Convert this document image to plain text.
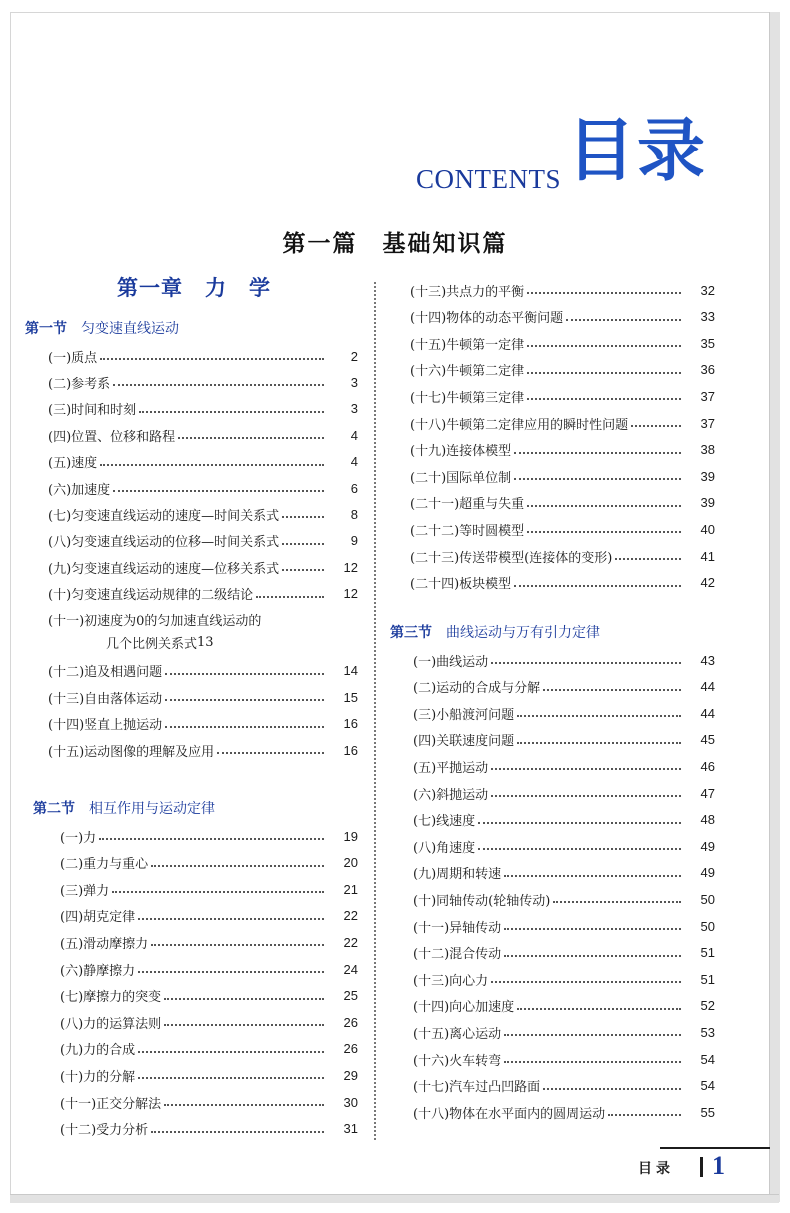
CONTENTS 目录
第一篇　基础知识篇
第一章　力　学
第一节 匀变速直线运动
(一)质点	2
(二)参考系	3
(三)时间和时刻	3
(四)位置、位移和路程	4
(五)速度	4
(六)加速度	6
(七)匀变速直线运动的速度—时间关系式	8
(八)匀变速直线运动的位移—时间关系式	9
(九)匀变速直线运动的速度—位移关系式	12
(十)匀变速直线运动规律的二级结论	12
(十一)初速度为0的匀加速直线运动的
几个比例关系式 13
(十二)追及相遇问题	14
(十三)自由落体运动	15
(十四)竖直上抛运动	16
(十五)运动图像的理解及应用	16
第二节 相互作用与运动定律
(一)力	19
(二)重力与重心	20
(三)弹力	21
(四)胡克定律	22
(五)滑动摩擦力	22
(六)静摩擦力	24
(七)摩擦力的突变	25
(八)力的运算法则	26
(九)力的合成	26
(十)力的分解	29
(十一)正交分解法	30
(十二)受力分析	31
(十三)共点力的平衡	32
(十四)物体的动态平衡问题	33
(十五)牛顿第一定律	35
(十六)牛顿第二定律	36
(十七)牛顿第三定律	37
(十八)牛顿第二定律应用的瞬时性问题	37
(十九)连接体模型	38
(二十)国际单位制	39
(二十一)超重与失重	39
(二十二)等时圆模型	40
(二十三)传送带模型(连接体的变形)	41
(二十四)板块模型	42
第三节 曲线运动与万有引力定律
(一)曲线运动	43
(二)运动的合成与分解	44
(三)小船渡河问题	44
(四)关联速度问题	45
(五)平抛运动	46
(六)斜抛运动	47
(七)线速度	48
(八)角速度	49
(九)周期和转速	49
(十)同轴传动(轮轴传动)	50
(十一)异轴传动	50
(十二)混合传动	51
(十三)向心力	51
(十四)向心加速度	52
(十五)离心运动	53
(十六)火车转弯	54
(十七)汽车过凸凹路面	54
(十八)物体在水平面内的圆周运动	55
目录 1
